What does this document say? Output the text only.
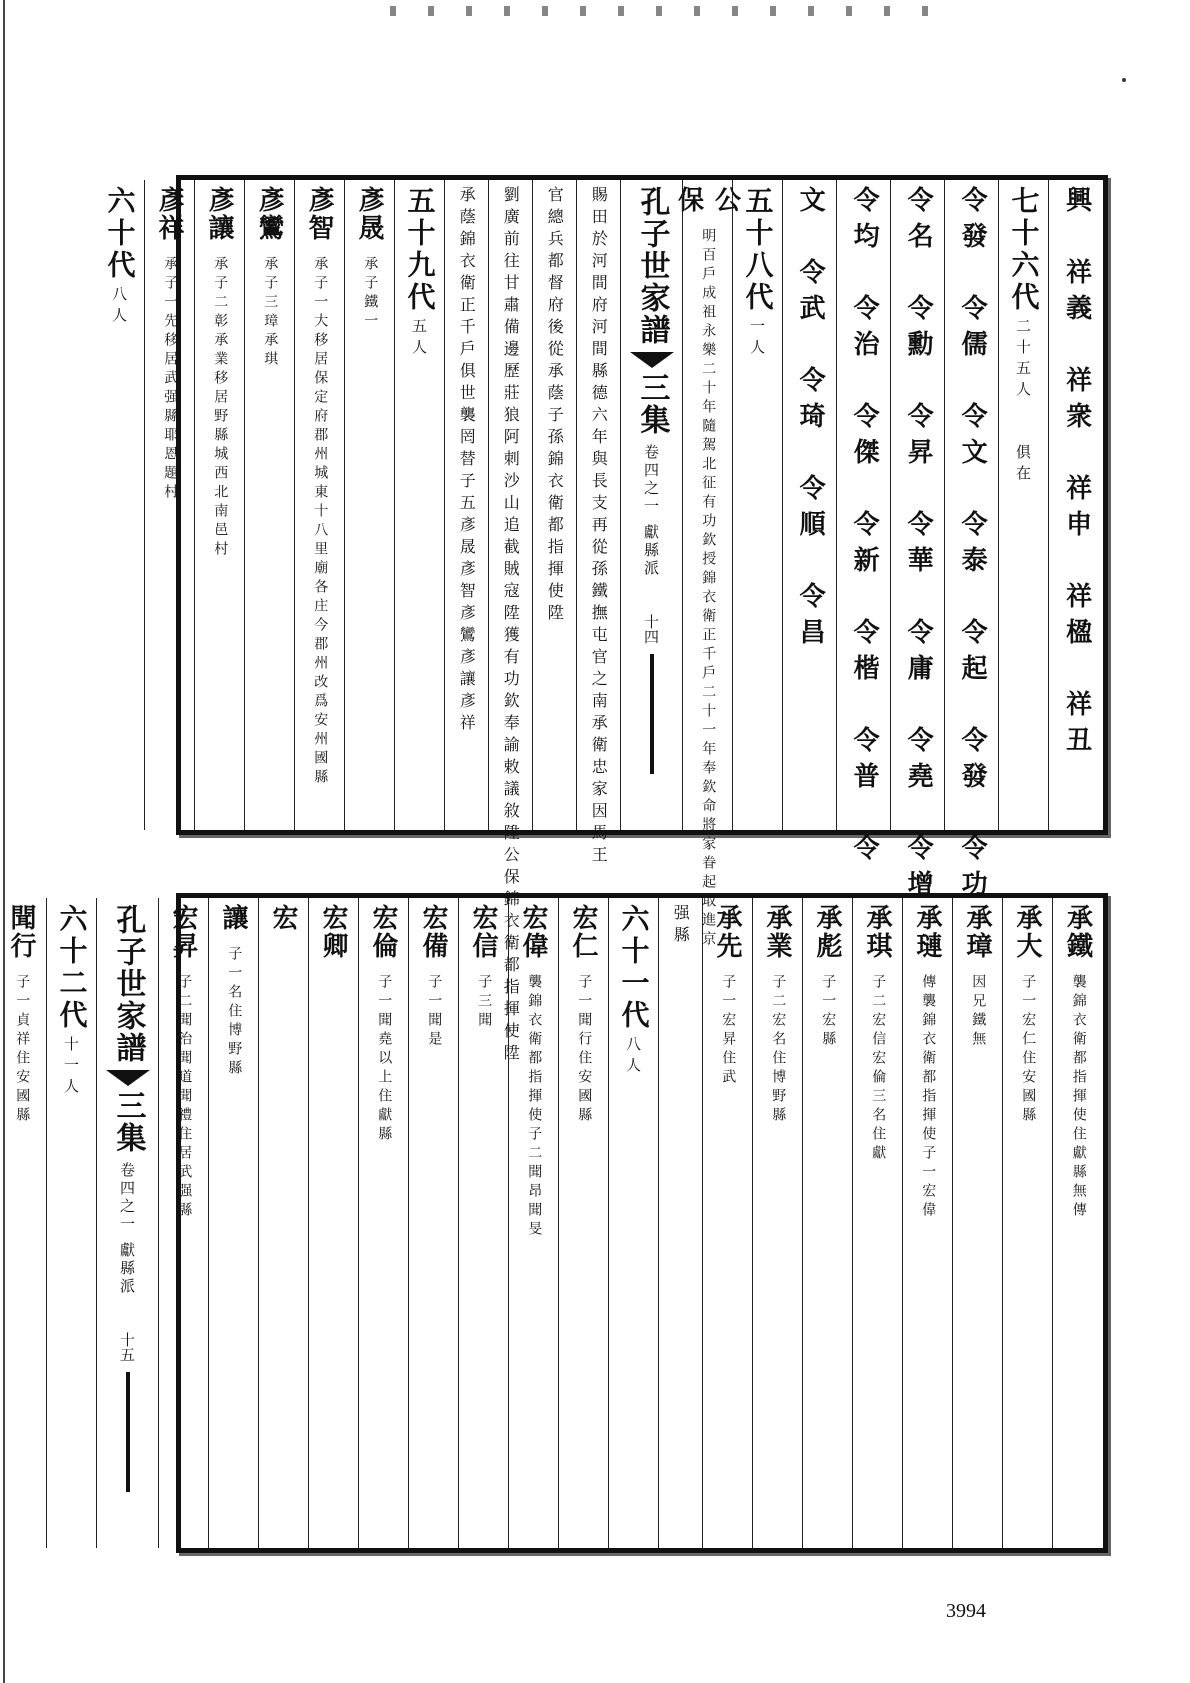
興　祥義　祥衆　祥申　祥楹　祥丑
七十六代
二十五人　　俱在
令發　令儒　令文　令泰　令起　令發　令功
令名　令勳　令昇　令華　令庸　令堯　令增
令均　令治　令傑　令新　令楷　令普　令
文　令武　令琦　令順　令昌
五十八代
一人
公保
明百戶成祖永樂二十年隨駕北征有功欽授錦衣衛正千戶二十一年奉欽命將家眷起取進京
孔子世家譜
三集
卷四之一
獻縣派
十四
賜田於河間府河間縣德六年與長支再從孫鐵撫屯官之南承衛忠家因馬王
官總兵都督府後從承蔭子孫錦衣衛都指揮使陞
劉廣前往甘肅備邊歷莊狼阿刺沙山追截賊寇陞獲有功欽奉諭敕議敘陞公保錦衣衛都指揮使陞
承蔭錦衣衛正千戶俱世襲罔替子五彥晟彥智彥鸞彥讓彥祥
五十九代
五人
彥晟
承子鐵一
彥智
承子一大移居保定府郡州城東十八里廟各庄今郡州改爲安州國縣
彥鸞
承子三璋承琪
彥讓
承子二彰承業移居野縣城西北南邑村
彥祥
承子一先移居武强縣耶恩題村
六十代
八人
承鐵
襲錦衣衛都指揮使住獻縣無傳
承大
子一宏仁住安國縣
承璋
因兄鐵無
承璉
傳襲錦衣衛都指揮使子一宏偉
承琪
子二宏信宏倫三名住獻
承彪
子一宏縣
承業
子二宏名住博野縣
承先
子一宏昇住武
强縣
六十一代
八人
宏仁
子一聞行住安國縣
宏偉
襲錦衣衛都指揮使子二聞昂聞旻
宏信
子三聞
宏備
子一聞是
宏倫
子一聞堯以上住獻縣
宏卿
宏
讓
子一名住博野縣
宏昇
子二聞治聞道聞禮住居武强縣
孔子世家譜
三集
卷四之一
獻縣派
十五
六十二代
十一人
聞行
子一貞祥住安國縣
3994
